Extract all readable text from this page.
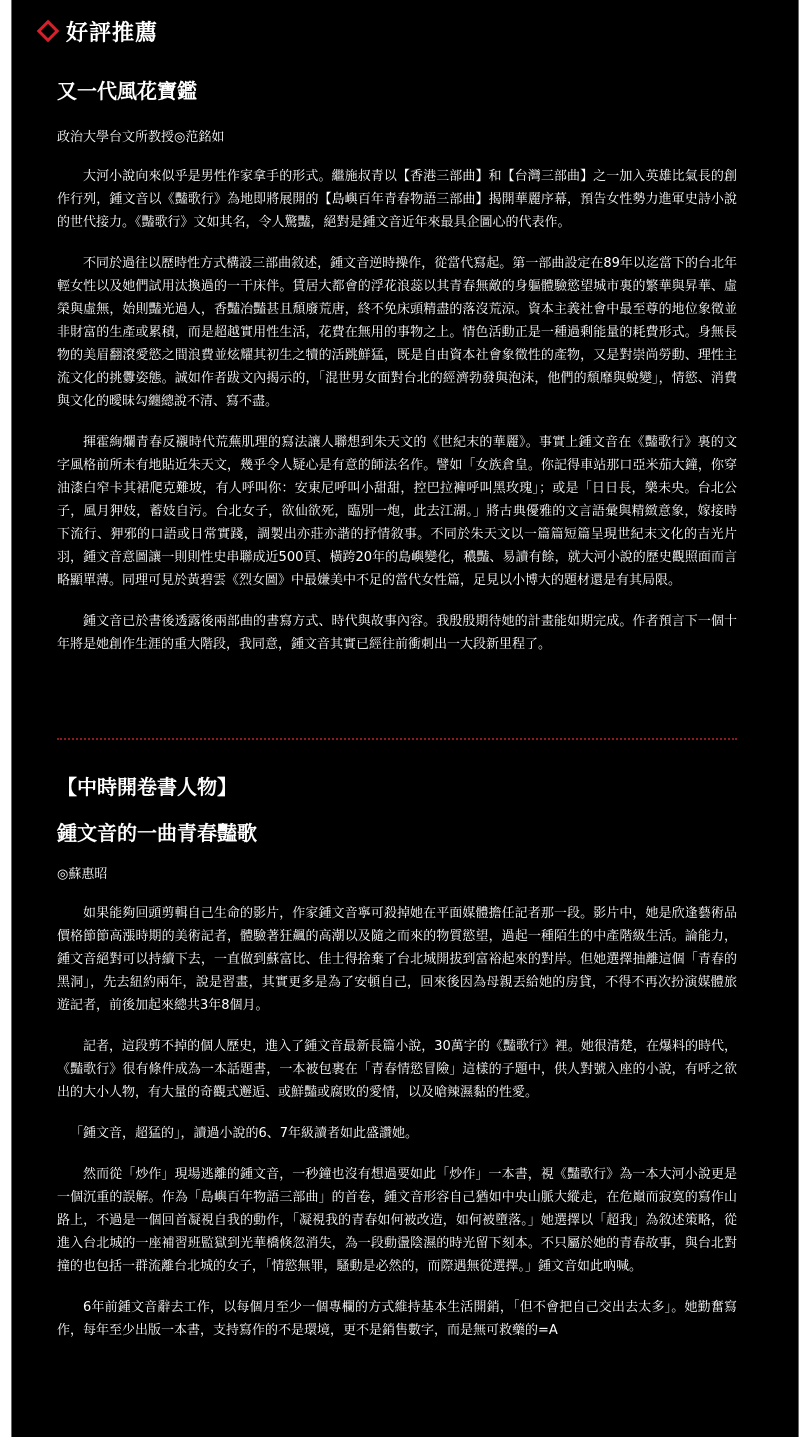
好評推薦
又一代風花寶鑑

政治大學台文所教授◎范銘如

大河小說向來似乎是男性作家拿手的形式。繼施叔青以【香港三部曲】和【台灣三部曲】之一加入英雄比氣長的創作行列，鍾文音以《豔歌行》為地即將展開的【島嶼百年青春物語三部曲】揭開華麗序幕，預告女性勢力進軍史詩小說的世代接力。《豔歌行》文如其名，令人驚豔，絕對是鍾文音近年來最具企圖心的代表作。

不同於過往以歷時性方式構設三部曲敘述，鍾文音逆時操作，從當代寫起。第一部曲設定在89年以迄當下的台北年輕女性以及她們試用汰換過的一干床伴。賃居大都會的浮花浪蕊以其青春無敵的身軀體驗慾望城市裏的繁華與昇華、虛榮與虛無，始則豔光過人，香豔冶豔甚且頹廢荒唐，終不免床頭精盡的落沒荒涼。資本主義社會中最至尊的地位象徵並非財富的生產或累積，而是超越實用性生活，花費在無用的事物之上。情色活動正是一種過剩能量的耗費形式。身無長物的美眉翻滾愛慾之間浪費並炫耀其初生之犢的活跳鮮猛，既是自由資本社會象徵性的產物，又是對崇尚勞動、理性主流文化的挑釁姿態。誠如作者跋文內揭示的，「混世男女面對台北的經濟勃發與泡沫，他們的頹靡與蛻變」，情慾、消費與文化的曖昧勾纏總說不清、寫不盡。

揮霍絢爛青春反襯時代荒蕪肌理的寫法讓人聯想到朱天文的《世紀末的華麗》。事實上鍾文音在《豔歌行》裏的文字風格前所未有地貼近朱天文，幾乎令人疑心是有意的師法名作。譬如「女族倉皇。你記得車站那口亞米茄大鐘，你穿油漆白窄卡其裙爬克難坡，有人呼叫你：安東尼呼叫小甜甜，控巴拉褲呼叫黑玫瑰」；或是「日日長，樂未央。台北公子，風月狎妓，蓄妓自污。台北女子，欲仙欲死，臨別一炮，此去江湖。」將古典優雅的文言語彙與精緻意象，嫁接時下流行、狎邪的口語或日常實踐，調製出亦莊亦諧的抒情敘事。不同於朱天文以一篇篇短篇呈現世紀末文化的吉光片羽，鍾文音意圖讓一則則性史串聯成近500頁、橫跨20年的島嶼變化，穠豔、易讀有餘，就大河小說的歷史觀照面而言略顯單薄。同理可見於黃碧雲《烈女圖》中最嫌美中不足的當代女性篇，足見以小博大的題材還是有其局限。

鍾文音已於書後透露後兩部曲的書寫方式、時代與故事內容。我殷殷期待她的計畫能如期完成。作者預言下一個十年將是她創作生涯的重大階段，我同意，鍾文音其實已經往前衝刺出一大段新里程了。

【中時開卷書人物】
鍾文音的一曲青春豔歌

◎蘇惠昭

如果能夠回頭剪輯自己生命的影片，作家鍾文音寧可殺掉她在平面媒體擔任記者那一段。影片中，她是欣逢藝術品價格節節高漲時期的美術記者，體驗著狂飆的高潮以及隨之而來的物質慾望，過起一種陌生的中產階級生活。論能力，鍾文音絕對可以持續下去，一直做到蘇富比、佳士得捨棄了台北城開拔到富裕起來的對岸。但她選擇抽離這個「青春的黑洞」，先去紐約兩年，說是習畫，其實更多是為了安頓自己，回來後因為母親丟給她的房貸，不得不再次扮演媒體旅遊記者，前後加起來總共3年8個月。

記者，這段剪不掉的個人歷史，進入了鍾文音最新長篇小說，30萬字的《豔歌行》裡。她很清楚，在爆料的時代，《豔歌行》很有條件成為一本話題書，一本被包裹在「青春情慾冒險」這樣的子題中，供人對號入座的小說，有呼之欲出的大小人物，有大量的奇觀式邂逅、或鮮豔或腐敗的愛情，以及嗆辣濕黏的性愛。

「鍾文音，超猛的」，讀過小說的6、7年級讀者如此盛讚她。

然而從「炒作」現場逃離的鍾文音，一秒鐘也沒有想過要如此「炒作」一本書，視《豔歌行》為一本大河小說更是一個沉重的誤解。作為「島嶼百年物語三部曲」的首卷，鍾文音形容自己猶如中央山脈大縱走，在危巔而寂寞的寫作山路上，不過是一個回首凝視自我的動作，「凝視我的青春如何被改造，如何被墮落。」她選擇以「超我」為敘述策略，從進入台北城的一座補習班監獄到光華橋倏忽消失，為一段動盪陰濕的時光留下刻本。不只屬於她的青春故事，與台北對撞的也包括一群流離台北城的女子，「情慾無罪，騷動是必然的，而際遇無從選擇。」鍾文音如此吶喊。

6年前鍾文音辭去工作，以每個月至少一個專欄的方式維持基本生活開銷，「但不會把自己交出去太多」。她勤奮寫作，每年至少出版一本書，支持寫作的不是環境，更不是銷售數字，而是無可救藥的=A
